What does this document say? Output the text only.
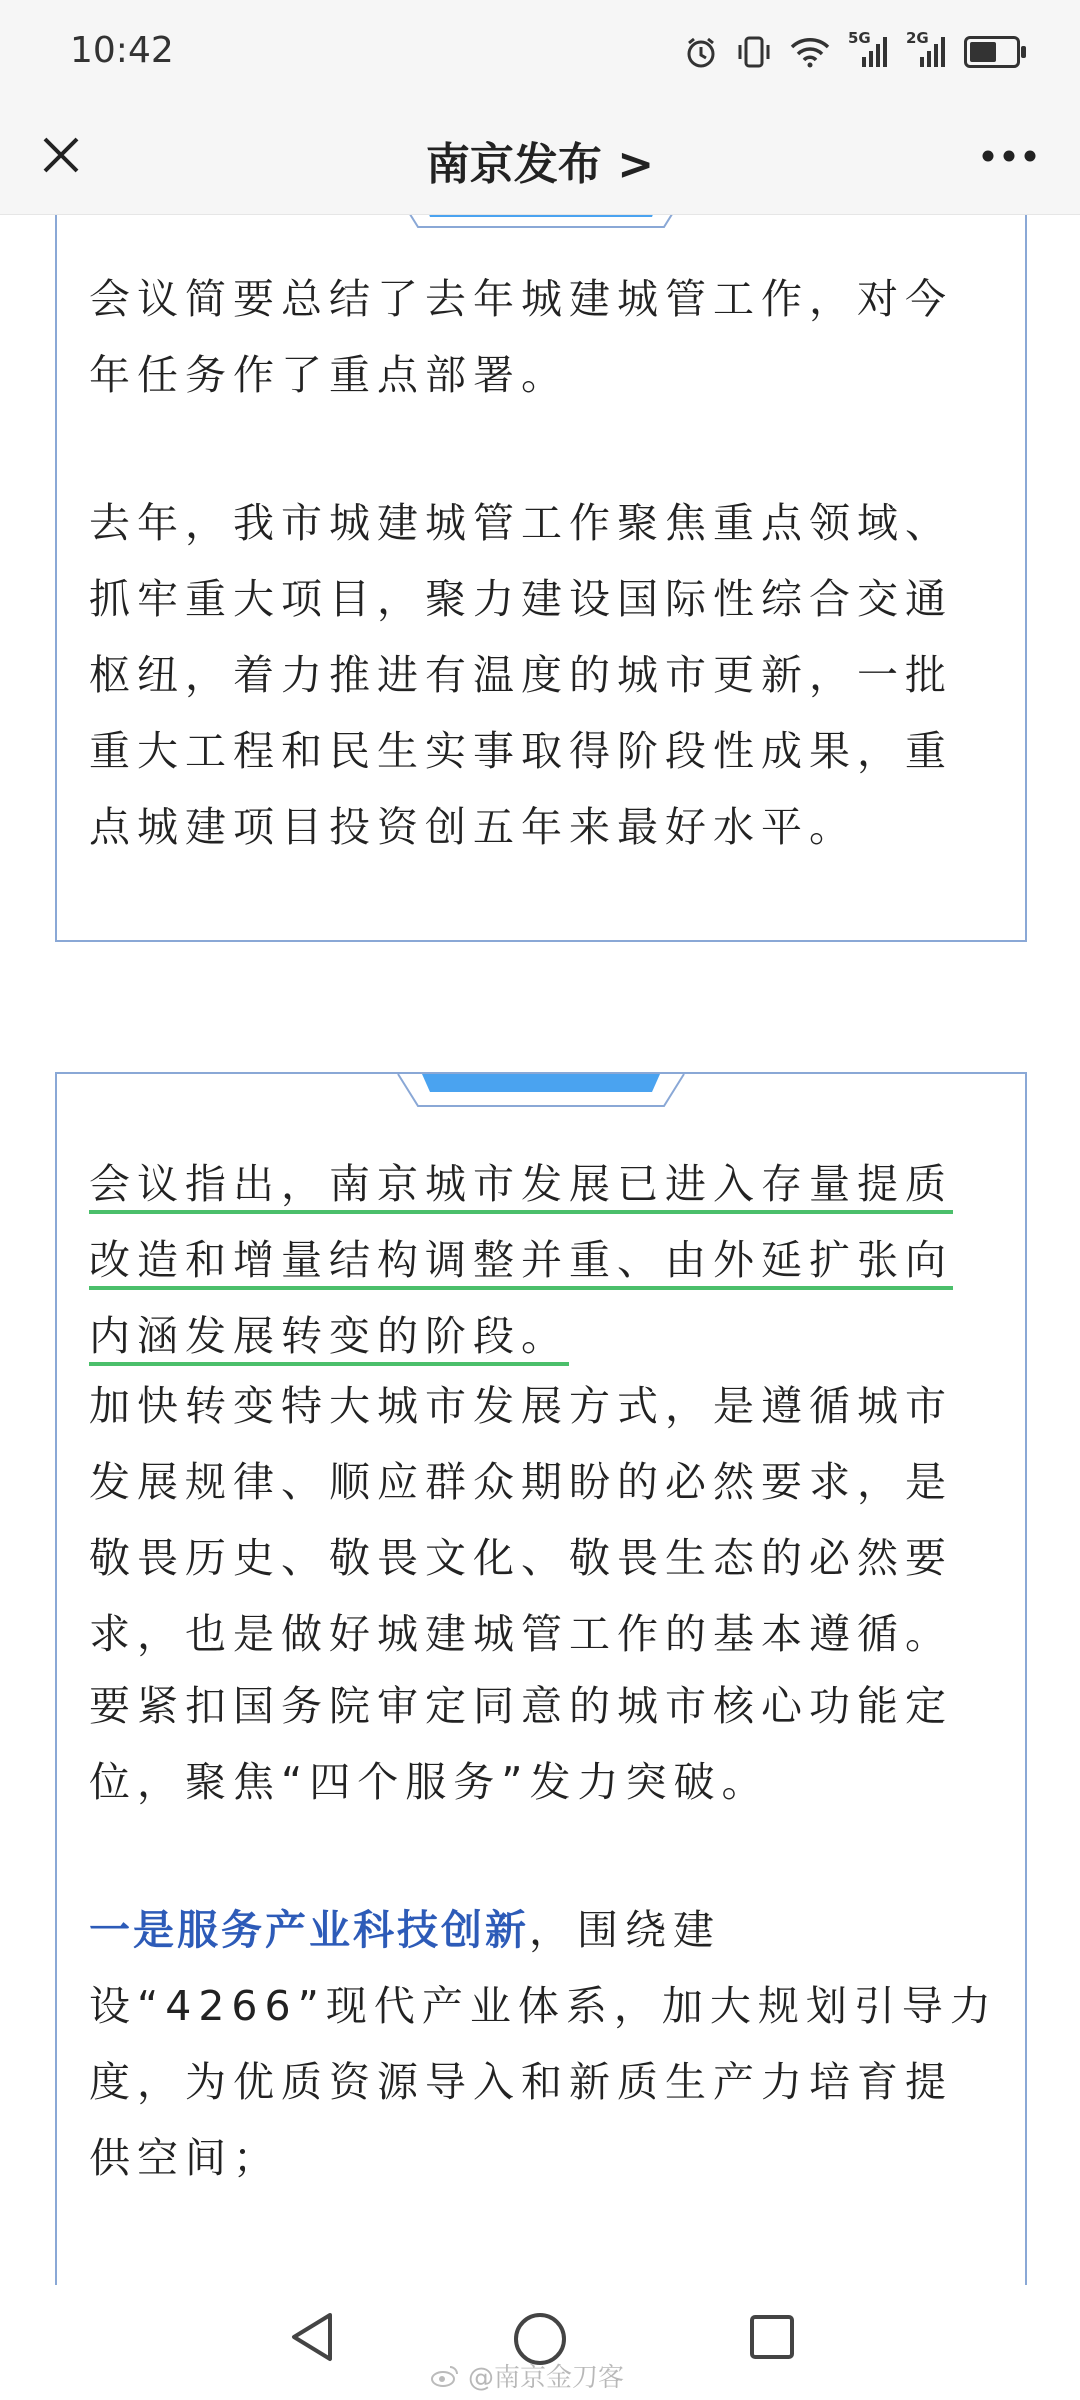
10:42	5G 2G
南京发布 >
会议简要总结了去年城建城管工作，对今年任务作了重点部署。
去年，我市城建城管工作聚焦重点领域、抓牢重大项目，聚力建设国际性综合交通枢纽，着力推进有温度的城市更新，一批重大工程和民生实事取得阶段性成果，重点城建项目投资创五年来最好水平。
会议指出，南京城市发展已进入存量提质改造和增量结构调整并重、由外延扩张向内涵发展转变的阶段。
加快转变特大城市发展方式，是遵循城市发展规律、顺应群众期盼的必然要求，是敬畏历史、敬畏文化、敬畏生态的必然要求，也是做好城建城管工作的基本遵循。
要紧扣国务院审定同意的城市核心功能定位，聚焦“四个服务”发力突破。
一是服务产业科技创新，围绕建设“4266”现代产业体系，加大规划引导力度，为优质资源导入和新质生产力培育提供空间；
@南京金刀客
